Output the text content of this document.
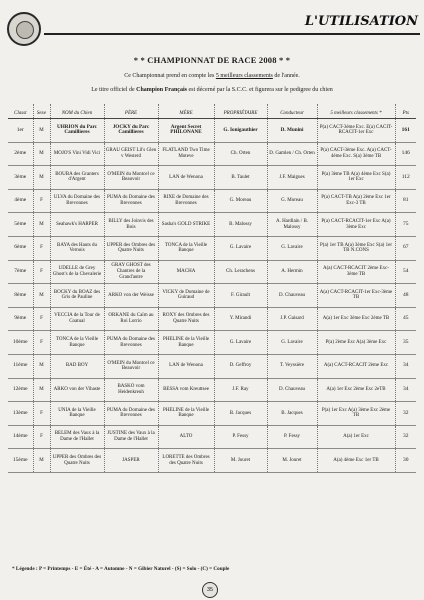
L'UTILISATION
* * CHAMPIONNAT DE RACE 2008 * *
Ce Championnat prend en compte les 5 meilleurs classements de l'année.
Le titre officiel de Champion Français est décerné par la S.C.C. et figurera sur le pedigree du chien
Classt	Sexe	NOM du Chien	PÈRE	MÈRE	PROPRIÉTAIRE	Conducteur	5 meilleurs classements *	Pts
1er	M	UHRION du Parc Camillieres	JOCKY du Parc Camillieres	Argent Secret PHILONANE	G. Ionigauthier	D. Munini	P(a) CACT-3ème Exc. E(a) CACIT-RCACIT-1er Exc	161
2ème	M	MOJO'S Vini Vidi Vici	GRAU GEIST Lil's Glen v Westerd	FLATLAND Two Time Moteve	Ch. Orten	D. Gamlen / Ch. Orten	P(a) CACT-3ème Exc. A(a) CACT-4ème Exc. S(a) 3ème TB	146
3ème	M	BOUBA des Granters d'Argent	O'MEIN du Montcel ce Beauvoir	LAN de Wenona	B. Taulet	J.F. Maigues	P(a) 3ème TB A(a) 4ème Exc S(a) 1er Exc	112
4ème	F	ULVA du Domaine des Brevonnes	PUMA du Domaine des Brevonnes	RIXE de Domaine des Brevonnes	G. Moreau	G. Moreau	P(a) CACT-TB A(a) 2ème Exc 1er Exc-3 TB	81
5ème	M	Seahawk's HARPER	BILLY des Joinvis des Bois	Sasha's GOLD STRIKE	B. Malossy	A. Hardlain / B. Malossy	P(a) CACT-RCACIT-1er Exc A(a) 3ème Exc	75
6ème	F	BAYA des Hauts du Vernois	UPPER des Ombres des Quatre Nuits	TONCA de la Vieille Banque	G. Lavaire	G. Lavaire	P(a) 1er TB A(a) 3ème Exc S(a) 1er TB N.CONS	67
7ème	F	UDELLE de Grey Ghost's de la Chevalerie	GRAY GHOST des Chantres de la Grand'autre	MACHA	Ch. Lerachens	A. Hermin	A(a) CACT-RCACIT 2ème Exc-3ème TB	54
8ème	M	BOCKY du BOAZ des Gris de Pauline	ARKO von der Weisse	VICKY de Domaine de Guiraud	F. Girault	D. Chauveau	A(a) CACT-RCACIT-1er Exc-3ème TB	48
9ème	F	VECCIA de la Tour de Coatual	ORKANE du Caïm au Roi Lorrio	ROXY des Ombres des Quatre Nuits	Y. Mirandi	J.P. Gaisard	A(a) 1er Exc 3ème Exc 2ème TB	45
10ème	F	TONCA de la Vieille Banque	PUMA du Domaine des Brevonnes	PHELINE de la Vieille Banque	G. Lavaire	G. Lavaire	P(a) 2ème Exc A(a) 3ème Exc	35
11ème	M	BAD BOY	O'MEIN du Montcel ce Beauvoir	LAN de Wenona	D. Geffroy	T. Veyssière	A(a) CACT-RCACIT 2ème Exc	34
12ème	M	ARKO von der Vihaste	BASKO vom Heidenkreuh	BESSA vom Kreuttsee	J.F. Ray	D. Chauveau	A(a) 1er Exc 2ème Exc 2eTB	34
13ème	F	UNIA de la Vieille Banque	PUMA du Domaine des Brevonnes	PHELINE de la Vieille Banque	B. Jacques	B. Jacques	P(a) 1er Exc A(a) 3ème Exc 2ème TB	32
14ème	F	BELEM des Vaux à la Dame de l'Hallet	JUSTINE des Vaux à la Dame de l'Hallet	ALTO	P. Fessy	P. Fessy	A(a) 1er Exc	32
15ème	M	UPPER des Ombres des Quatre Nuits	JASPER	LORETTE des Ombres des Quatre Nuits	M. Jouret	M. Jouret	A(a) 4ème Exc 1er TB	30
* Légende : P = Printemps - E = Été - A = Automne - N = Gibier Naturel - (S) = Solo - (C) = Couple
35
